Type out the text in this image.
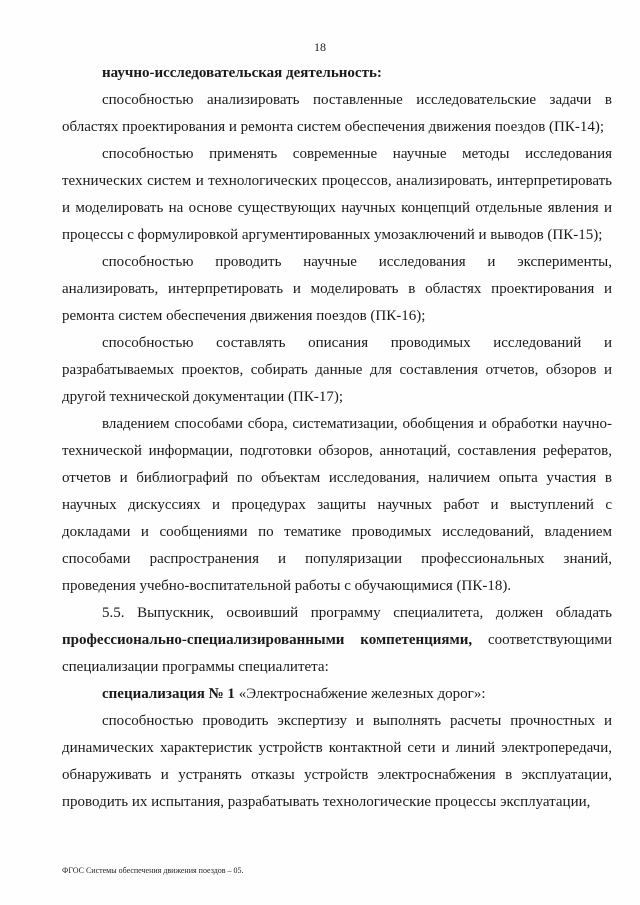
18

научно-исследовательская деятельность:

способностью анализировать поставленные исследовательские задачи в областях проектирования и ремонта систем обеспечения движения поездов (ПК-14);

способностью применять современные научные методы исследования технических систем и технологических процессов, анализировать, интерпретировать и моделировать на основе существующих научных концепций отдельные явления и процессы с формулировкой аргументированных умозаключений и выводов (ПК-15);

способностью проводить научные исследования и эксперименты, анализировать, интерпретировать и моделировать в областях проектирования и ремонта систем обеспечения движения поездов (ПК-16);

способностью составлять описания проводимых исследований и разрабатываемых проектов, собирать данные для составления отчетов, обзоров и другой технической документации (ПК-17);

владением способами сбора, систематизации, обобщения и обработки научно-технической информации, подготовки обзоров, аннотаций, составления рефератов, отчетов и библиографий по объектам исследования, наличием опыта участия в научных дискуссиях и процедурах защиты научных работ и выступлений с докладами и сообщениями по тематике проводимых исследований, владением способами распространения и популяризации профессиональных знаний, проведения учебно-воспитательной работы с обучающимися (ПК-18).

5.5. Выпускник, освоивший программу специалитета, должен обладать профессионально-специализированными компетенциями, соответствующими специализации программы специалитета:

специализация № 1 «Электроснабжение железных дорог»:

способностью проводить экспертизу и выполнять расчеты прочностных и динамических характеристик устройств контактной сети и линий электропередачи, обнаруживать и устранять отказы устройств электроснабжения в эксплуатации, проводить их испытания, разрабатывать технологические процессы эксплуатации,

ФГОС Системы обеспечения движения поездов – 05.
